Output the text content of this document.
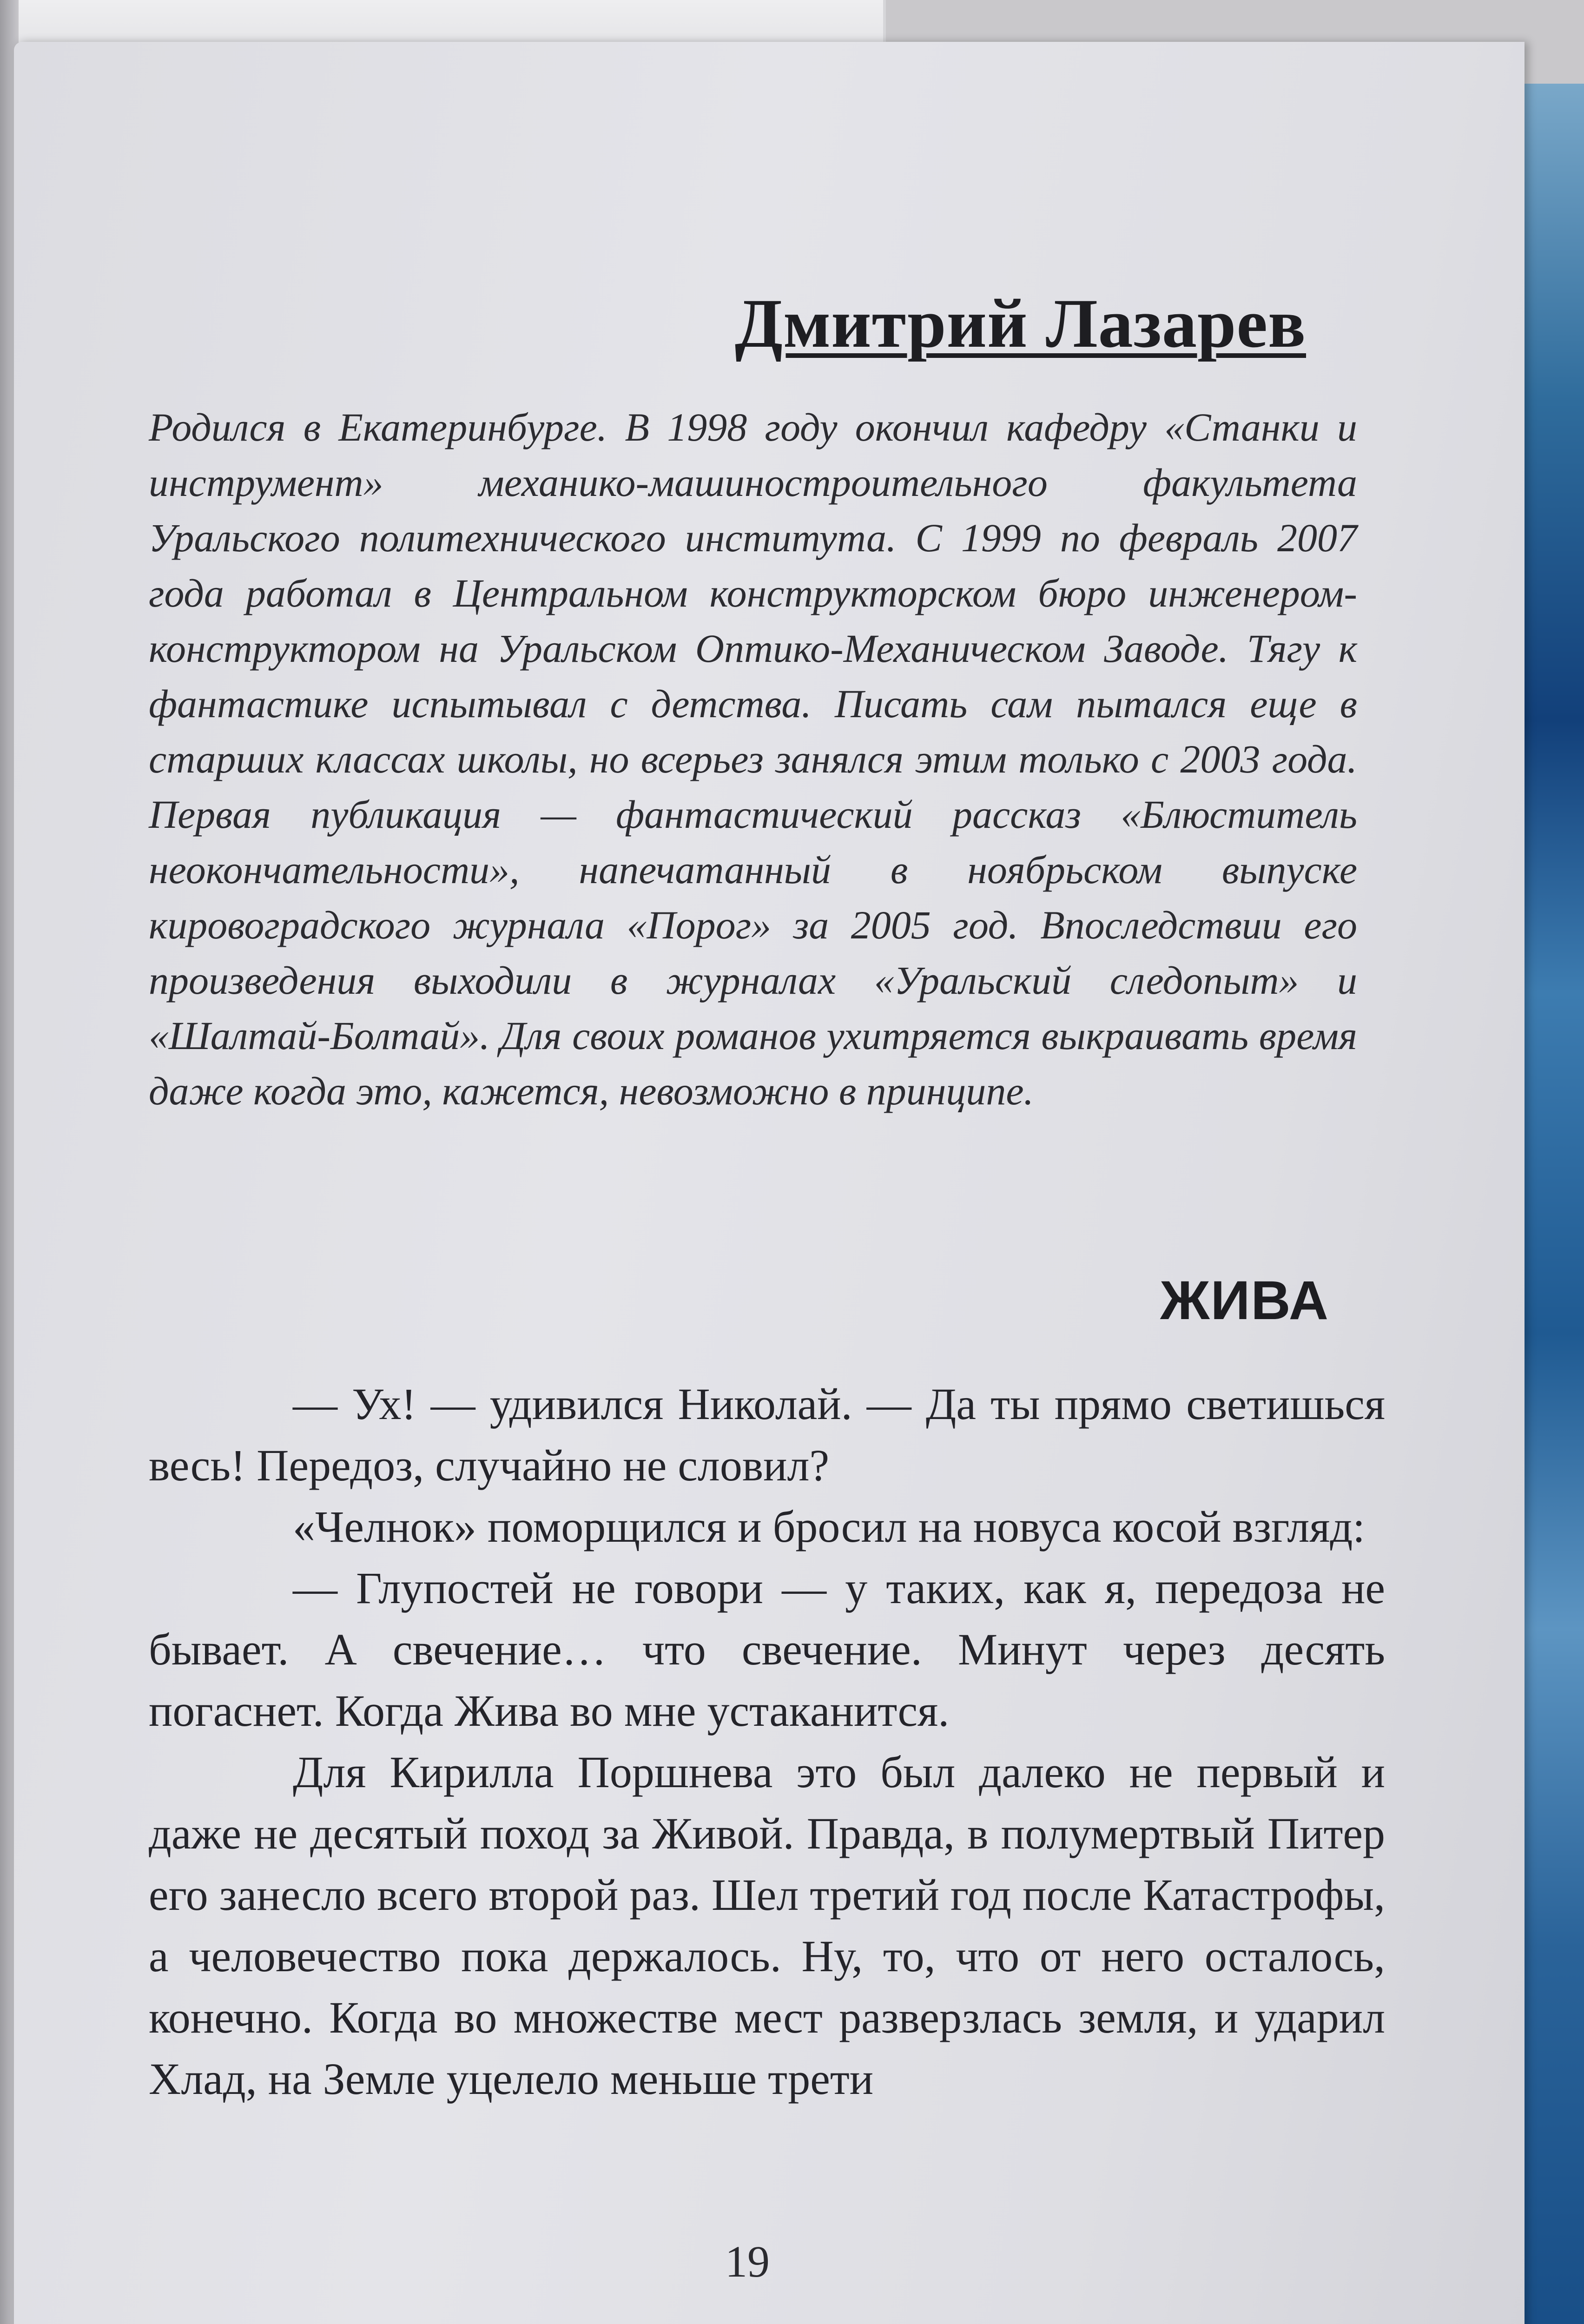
Дмитрий Лазарев

Родился в Екатеринбурге. В 1998 году окончил кафедру «Станки и инструмент» механико-машиностроительного факультета Уральского политехнического института. С 1999 по февраль 2007 года работал в Центральном конструкторском бюро инженером-конструктором на Уральском Оптико-Механическом Заводе. Тягу к фантастике испытывал с детства. Писать сам пытался еще в старших классах школы, но всерьез занялся этим только с 2003 года. Первая публикация — фантастический рассказ «Блюститель неокончательности», напечатанный в ноябрьском выпуске кировоградского журнала «Порог» за 2005 год. Впоследствии его произведения выходили в журналах «Уральский следопыт» и «Шалтай-Болтай». Для своих романов ухитряется выкраивать время даже когда это, кажется, невозможно в принципе.

ЖИВА

— Ух! — удивился Николай. — Да ты прямо светишься весь! Передоз, случайно не словил?

«Челнок» поморщился и бросил на новуса косой взгляд:

— Глупостей не говори — у таких, как я, передоза не бывает. А свечение… что свечение. Минут через десять погаснет. Когда Жива во мне устаканится.

Для Кирилла Поршнева это был далеко не первый и даже не десятый поход за Живой. Правда, в полумертвый Питер его занесло всего второй раз. Шел третий год после Катастрофы, а человечество пока держалось. Ну, то, что от него осталось, конечно. Когда во множестве мест разверзлась земля, и ударил Хлад, на Земле уцелело меньше трети

19
